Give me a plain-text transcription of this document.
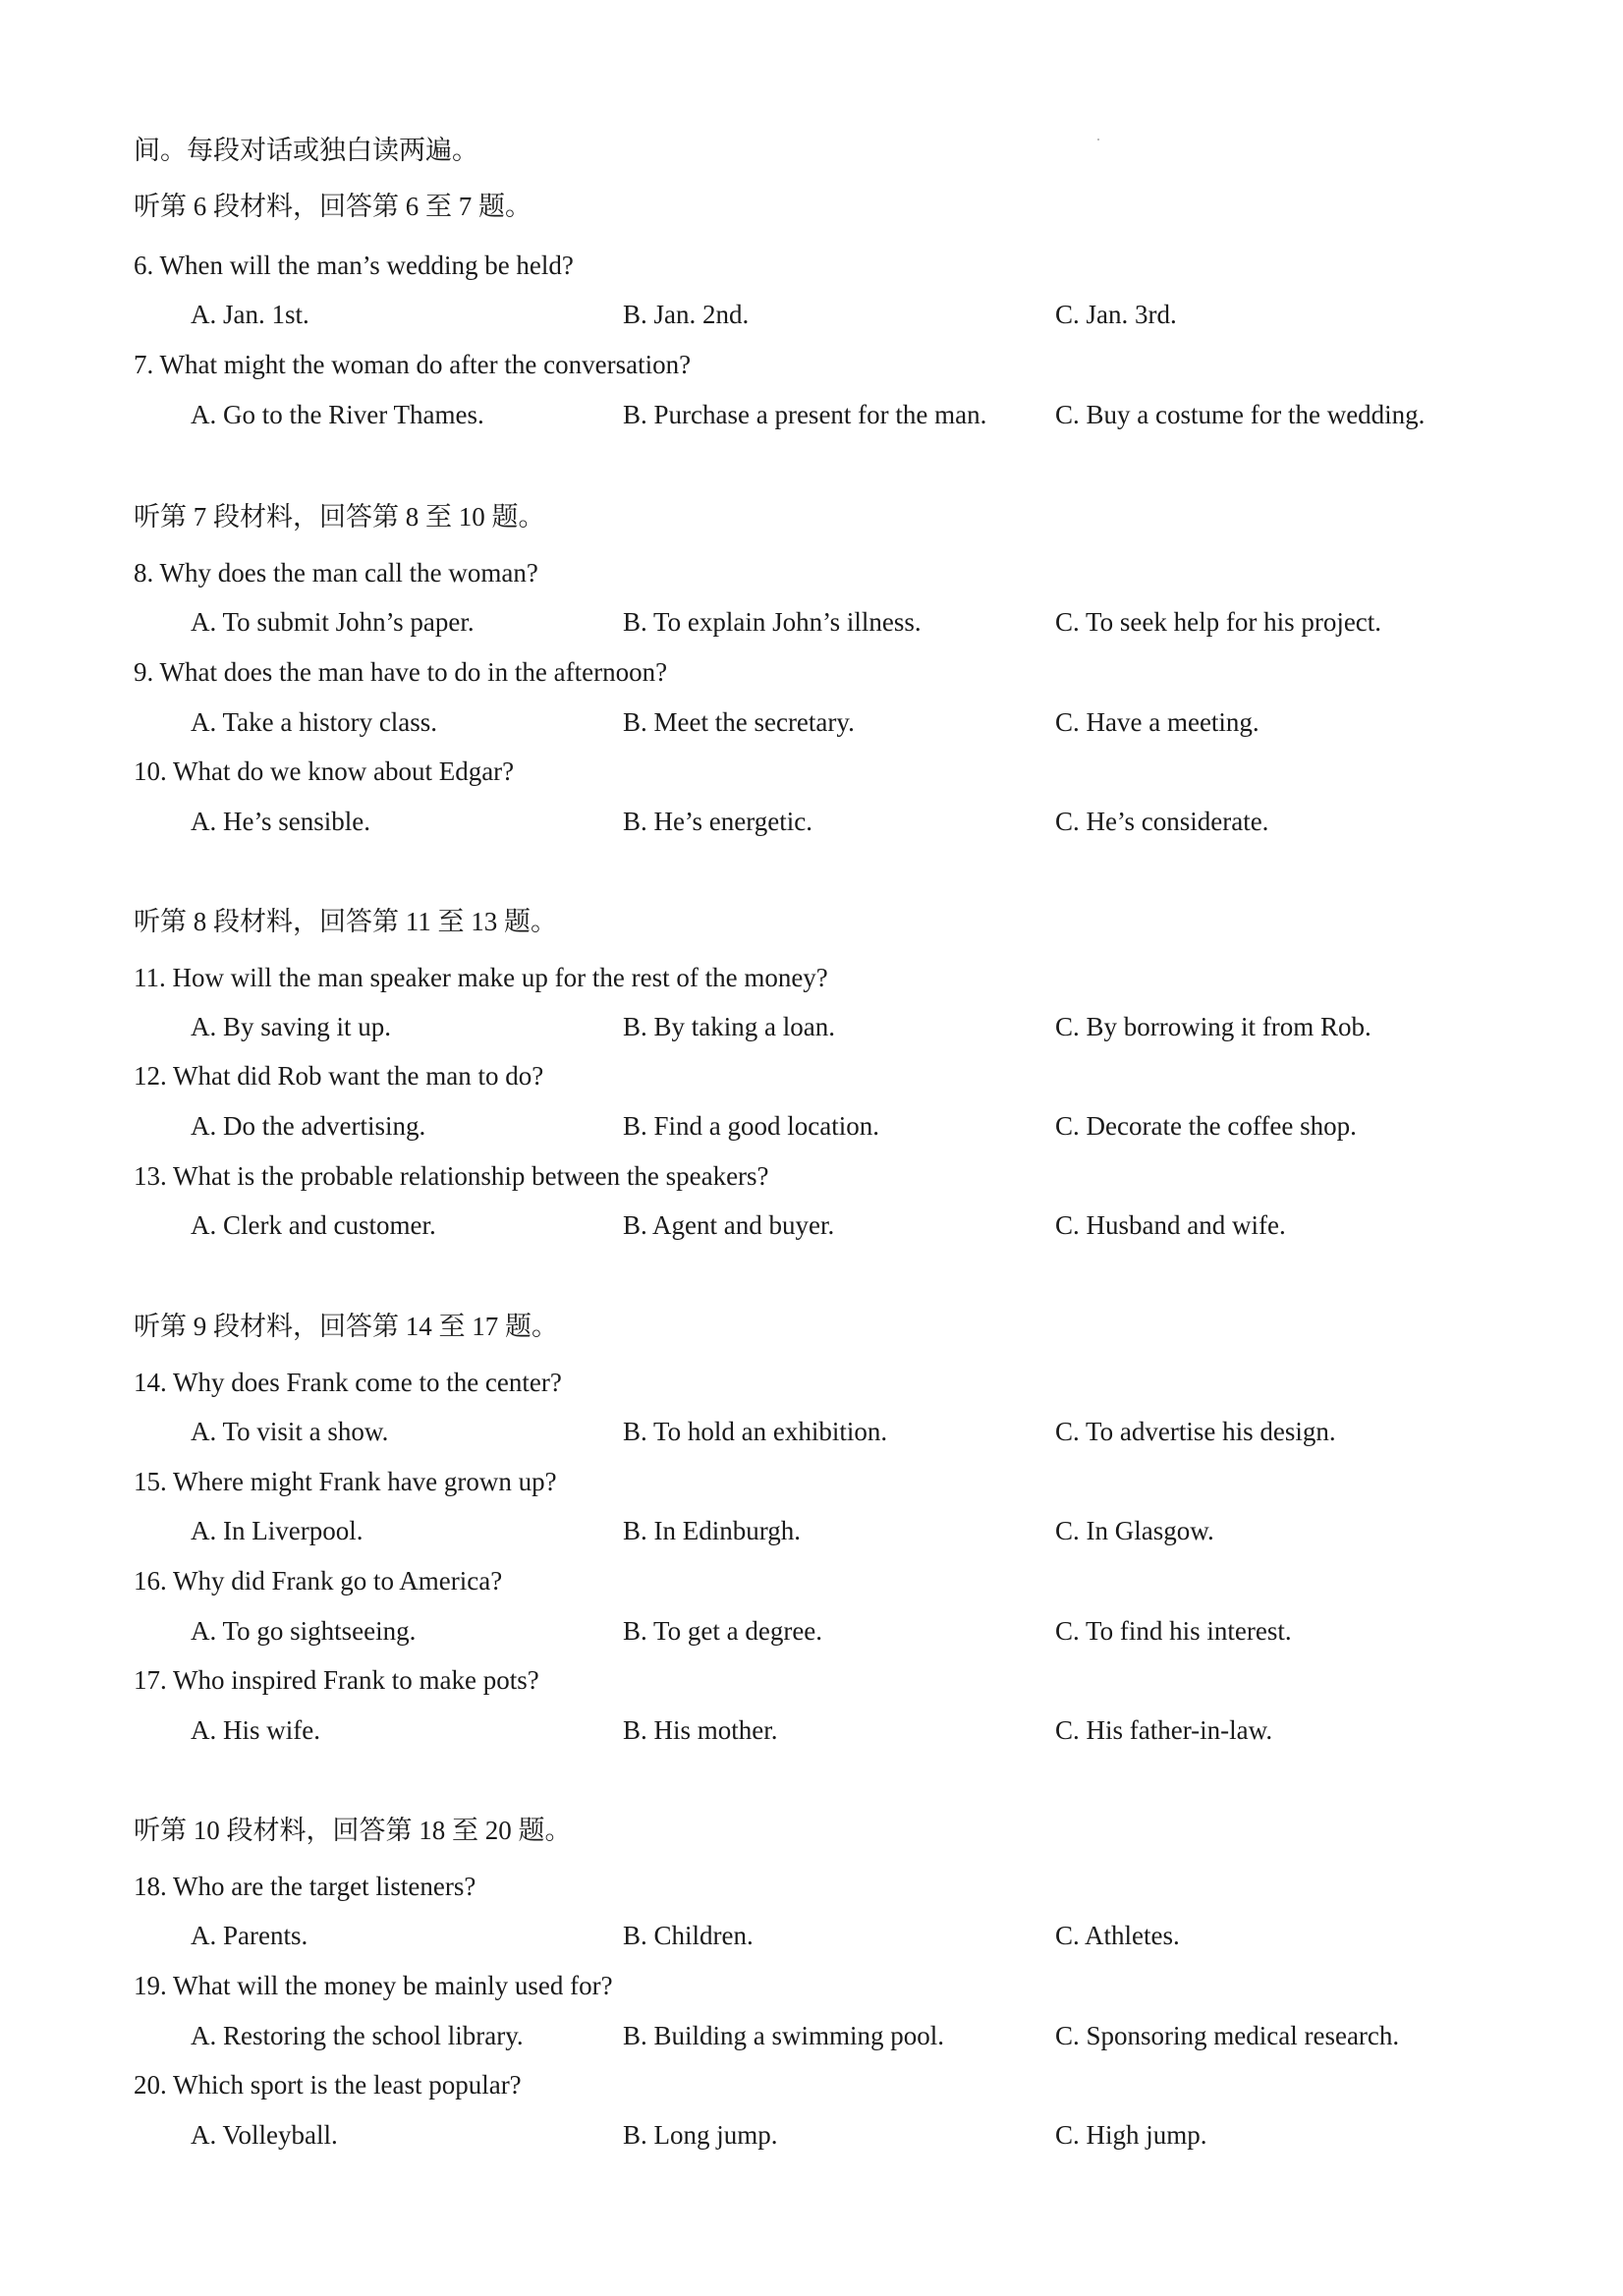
间。每段对话或独白读两遍。
听第 6 段材料，回答第 6 至 7 题。
6. When will the man’s wedding be held?
A. Jan. 1st.	B. Jan. 2nd.	C. Jan. 3rd.
7. What might the woman do after the conversation?
A. Go to the River Thames.	B. Purchase a present for the man.	C. Buy a costume for the wedding.
听第 7 段材料，回答第 8 至 10 题。
8. Why does the man call the woman?
A. To submit John’s paper.	B. To explain John’s illness.	C. To seek help for his project.
9. What does the man have to do in the afternoon?
A. Take a history class.	B. Meet the secretary.	C. Have a meeting.
10. What do we know about Edgar?
A. He’s sensible.	B. He’s energetic.	C. He’s considerate.
听第 8 段材料，回答第 11 至 13 题。
11. How will the man speaker make up for the rest of the money?
A. By saving it up.	B. By taking a loan.	C. By borrowing it from Rob.
12. What did Rob want the man to do?
A. Do the advertising.	B. Find a good location.	C. Decorate the coffee shop.
13. What is the probable relationship between the speakers?
A. Clerk and customer.	B. Agent and buyer.	C. Husband and wife.
听第 9 段材料，回答第 14 至 17 题。
14. Why does Frank come to the center?
A. To visit a show.	B. To hold an exhibition.	C. To advertise his design.
15. Where might Frank have grown up?
A. In Liverpool.	B. In Edinburgh.	C. In Glasgow.
16. Why did Frank go to America?
A. To go sightseeing.	B. To get a degree.	C. To find his interest.
17. Who inspired Frank to make pots?
A. His wife.	B. His mother.	C. His father-in-law.
听第 10 段材料，回答第 18 至 20 题。
18. Who are the target listeners?
A. Parents.	B. Children.	C. Athletes.
19. What will the money be mainly used for?
A. Restoring the school library.	B. Building a swimming pool.	C. Sponsoring medical research.
20. Which sport is the least popular?
A. Volleyball.	B. Long jump.	C. High jump.
